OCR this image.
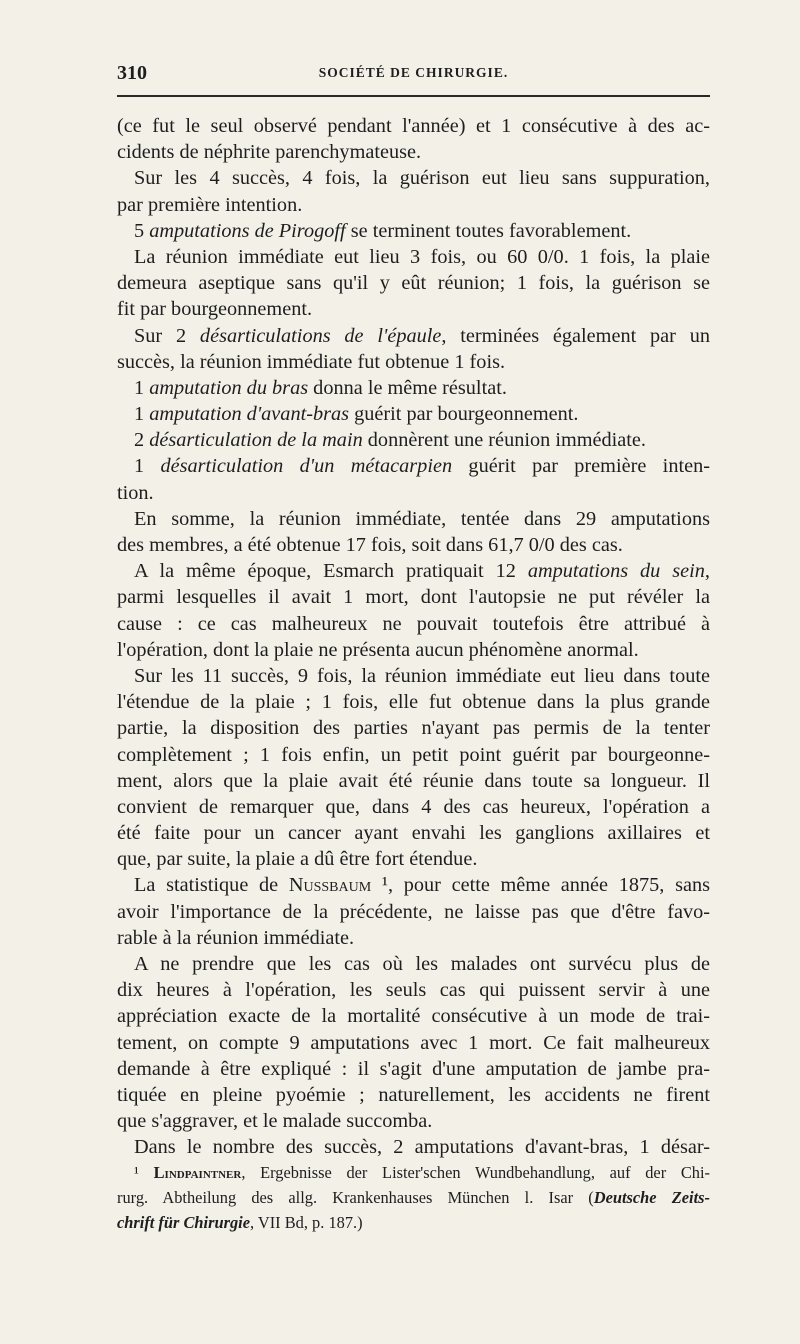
310	SOCIÉTÉ DE CHIRURGIE.
(ce fut le seul observé pendant l'année) et 1 consécutive à des ac-
cidents de néphrite parenchymateuse.
Sur les 4 succès, 4 fois, la guérison eut lieu sans suppuration,
par première intention.
5 amputations de Pirogoff se terminent toutes favorablement.
La réunion immédiate eut lieu 3 fois, ou 60 0/0. 1 fois, la plaie
demeura aseptique sans qu'il y eût réunion; 1 fois, la guérison se
fit par bourgeonnement.
Sur 2 désarticulations de l'épaule, terminées également par un
succès, la réunion immédiate fut obtenue 1 fois.
1 amputation du bras donna le même résultat.
1 amputation d'avant-bras guérit par bourgeonnement.
2 désarticulation de la main donnèrent une réunion immédiate.
1 désarticulation d'un métacarpien guérit par première inten-
tion.
En somme, la réunion immédiate, tentée dans 29 amputations
des membres, a été obtenue 17 fois, soit dans 61,7 0/0 des cas.
A la même époque, Esmarch pratiquait 12 amputations du sein,
parmi lesquelles il avait 1 mort, dont l'autopsie ne put révéler la
cause : ce cas malheureux ne pouvait toutefois être attribué à
l'opération, dont la plaie ne présenta aucun phénomène anormal.
Sur les 11 succès, 9 fois, la réunion immédiate eut lieu dans toute
l'étendue de la plaie ; 1 fois, elle fut obtenue dans la plus grande
partie, la disposition des parties n'ayant pas permis de la tenter
complètement ; 1 fois enfin, un petit point guérit par bourgeonne-
ment, alors que la plaie avait été réunie dans toute sa longueur. Il
convient de remarquer que, dans 4 des cas heureux, l'opération a
été faite pour un cancer ayant envahi les ganglions axillaires et
que, par suite, la plaie a dû être fort étendue.
La statistique de Nussbaum ¹, pour cette même année 1875, sans
avoir l'importance de la précédente, ne laisse pas que d'être favo-
rable à la réunion immédiate.
A ne prendre que les cas où les malades ont survécu plus de
dix heures à l'opération, les seuls cas qui puissent servir à une
appréciation exacte de la mortalité consécutive à un mode de trai-
tement, on compte 9 amputations avec 1 mort. Ce fait malheureux
demande à être expliqué : il s'agit d'une amputation de jambe pra-
tiquée en pleine pyoémie ; naturellement, les accidents ne firent
que s'aggraver, et le malade succomba.
Dans le nombre des succès, 2 amputations d'avant-bras, 1 désar-
¹ Lindpaintner, Ergebnisse der Lister'schen Wundbehandlung, auf der Chi-
rurg. Abtheilung des allg. Krankenhauses München l. Isar (Deutsche Zeits-
chrift für Chirurgie, VII Bd, p. 187.)
